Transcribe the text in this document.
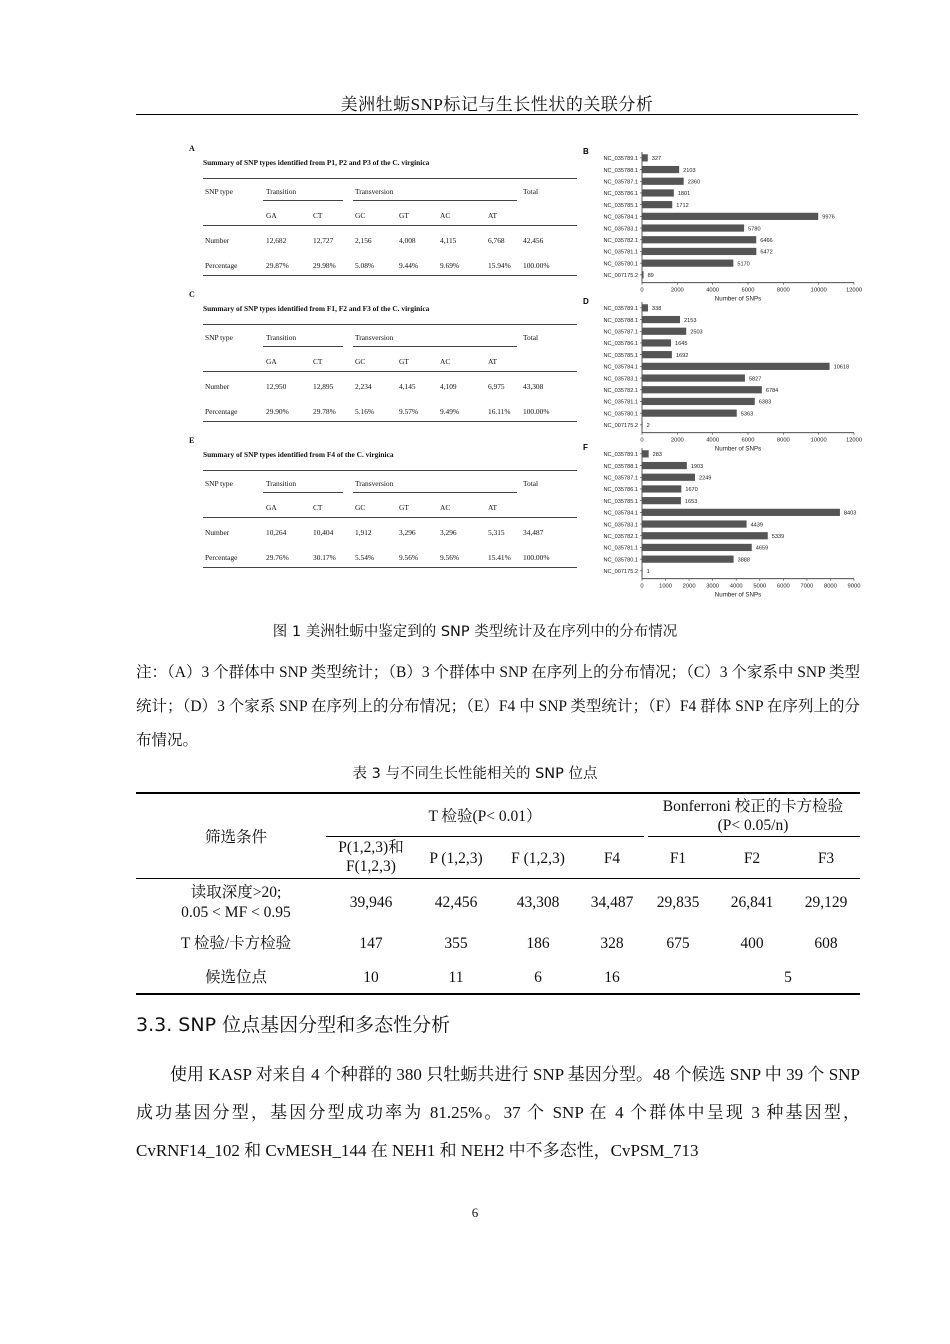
美洲牡蛎SNP标记与生长性状的关联分析
A
Summary of SNP types identified from P1, P2 and P3 of the C. virginica
SNP type	Transition	Transversion	Total
GA	CT	GC	GT	AC	AT
Number	12,682	12,727	2,156	4,008	4,115	6,768 42,456
Percentage	29.87%	29.98%	5.08%	9.44%	9.69%	15.94% 100.00%
C
Summary of SNP types identified from F1, F2 and F3 of the C. virginica
SNP type	Transition	Transversion	Total
GA	CT	GC	GT	AC	AT
Number	12,950	12,895	2,234	4,145	4,109	6,975 43,308
Percentage	29.90%	29.78%	5.16%	9.57%	9.49%	16.11% 100.00%
E
Summary of SNP types identified from F4 of the C. virginica
SNP type	Transition	Transversion	Total
GA	CT	GC	GT	AC	AT
Number	10,264	10,404	1,912	3,296	3,296	5,315 34,487
Percentage	29.76%	30.17%	5.54%	9.56%	9.56%	15.41% 100.00%
B
NC_035789.1 327
NC_035788.1	2103
NC_035787.1	2360
NC_035786.1	1801
NC_035785.1	1712
NC_035784.1	9976
NC_035783.1	5780
NC_035782.1	6466
NC_035781.1	6472
NC_035780.1	5170
NC_007175.2 89
0	2000	4000	6000	8000	10000	12000
Number of SNPs
D
NC_035789.1 338
NC_035788.1	2153
NC_035787.1	2503
NC_035786.1	1645
NC_035785.1	1692
NC_035784.1	10618
NC_035783.1	5827
NC_035782.1	6784
NC_035781.1	6383
NC_035780.1	5363
NC_007175.2 2
0	2000	4000	6000	8000	10000	12000
Number of SNPs
F
NC_035789.1	283
NC_035788.1	1903
NC_035787.1	2249
NC_035786.1	1670
NC_035785.1	1653
NC_035784.1	8403
NC_035783.1	4439
NC_035782.1	5339
NC_035781.1	4659
NC_035780.1	3888
NC_007175.2 1
0	1000 2000 3000 4000 5000 6000 7000 8000 9000
Number of SNPs
图 1 美洲牡蛎中鉴定到的 SNP 类型统计及在序列中的分布情况
注：（A）3 个群体中 SNP 类型统计；（B）3 个群体中 SNP 在序列上的分布情况；（C）3 个家系中 SNP 类型统计；（D）3 个家系 SNP 在序列上的分布情况；（E）F4 中 SNP 类型统计；（F）F4 群体 SNP 在序列上的分布情况。
表 3 与不同生长性能相关的 SNP 位点
筛选条件
T 检验(P< 0.01）
Bonferroni 校正的卡方检验
(P< 0.05/n)
P(1,2,3)和
F(1,2,3)	P (1,2,3)	F (1,2,3)	F4	F1	F2	F3
读取深度>20;
0.05 < MF < 0.95
39,946	42,456	43,308	34,487	29,835	26,841	29,129
T 检验/卡方检验	147	355	186	328	675	400	608
候选位点	10	11	6	16	5
3.3. SNP 位点基因分型和多态性分析
使用 KASP 对来自 4 个种群的 380 只牡蛎共进行 SNP 基因分型。48 个候选 SNP 中 39 个 SNP 成功基因分型，基因分型成功率为 81.25%。37 个 SNP 在 4 个群体中呈现 3 种基因型，CvRNF14_102 和 CvMESH_144 在 NEH1 和 NEH2 中不多态性，CvPSM_713
6
